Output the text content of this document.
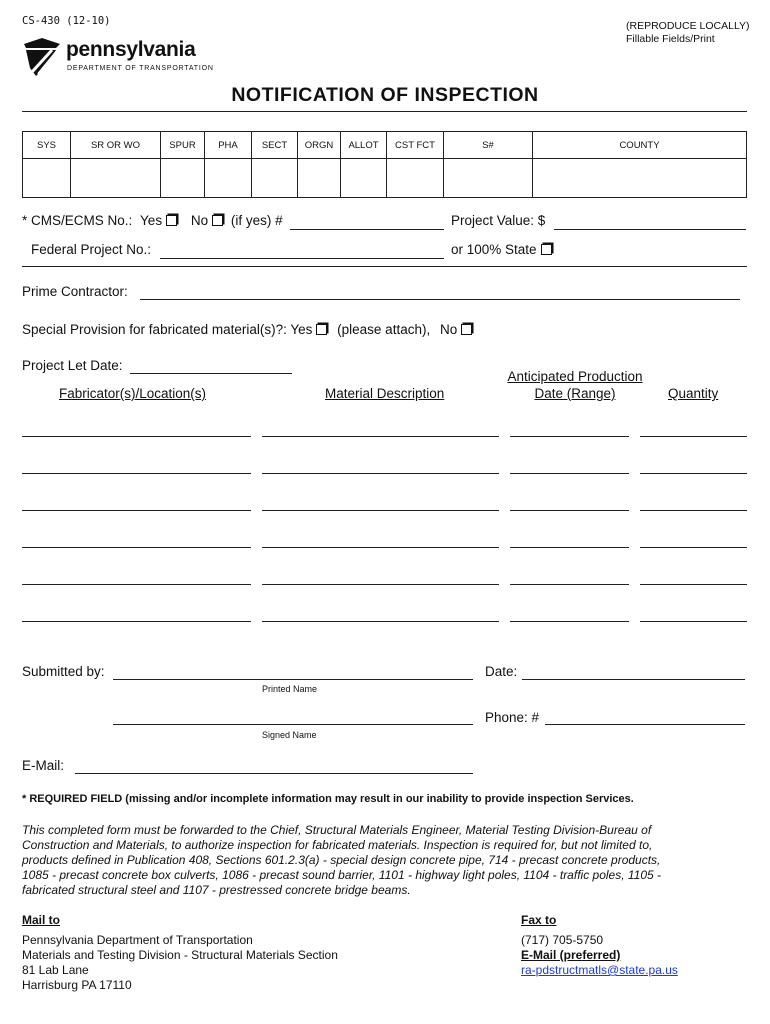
CS-430 (12-10)	(REPRODUCE LOCALLY)
Fillable Fields/Print
pennsylvania
DEPARTMENT OF TRANSPORTATION
NOTIFICATION OF INSPECTION
SYS	SR OR WO	SPUR	PHA	SECT	ORGN	ALLOT	CST FCT	S#	COUNTY

* CMS/ECMS No.: Yes No (if yes) #	Project Value: $
Federal Project No.:	or 100% State
Prime Contractor:
Special Provision for fabricated material(s)?: Yes (please attach), No
Project Let Date:
Fabricator(s)/Location(s)	Material Description
Anticipated Production
Date (Range)	Quantity
Submitted by:
Printed Name
Date:
Signed Name
Phone: #
E-Mail:
* REQUIRED FIELD (missing and/or incomplete information may result in our inability to provide inspection Services.
This completed form must be forwarded to the Chief, Structural Materials Engineer, Material Testing Division-Bureau of
Construction and Materials, to authorize inspection for fabricated materials. Inspection is required for, but not limited to,
products defined in Publication 408, Sections 601.2.3(a) - special design concrete pipe, 714 - precast concrete products,
1085 - precast concrete box culverts, 1086 - precast sound barrier, 1101 - highway light poles, 1104 - traffic poles, 1105 -
fabricated structural steel and 1107 - prestressed concrete bridge beams.
Mail to
Pennsylvania Department of Transportation
Materials and Testing Division - Structural Materials Section
81 Lab Lane
Harrisburg PA 17110
Fax to
(717) 705-5750
E-Mail (preferred)
ra-pdstructmatls@state.pa.us
